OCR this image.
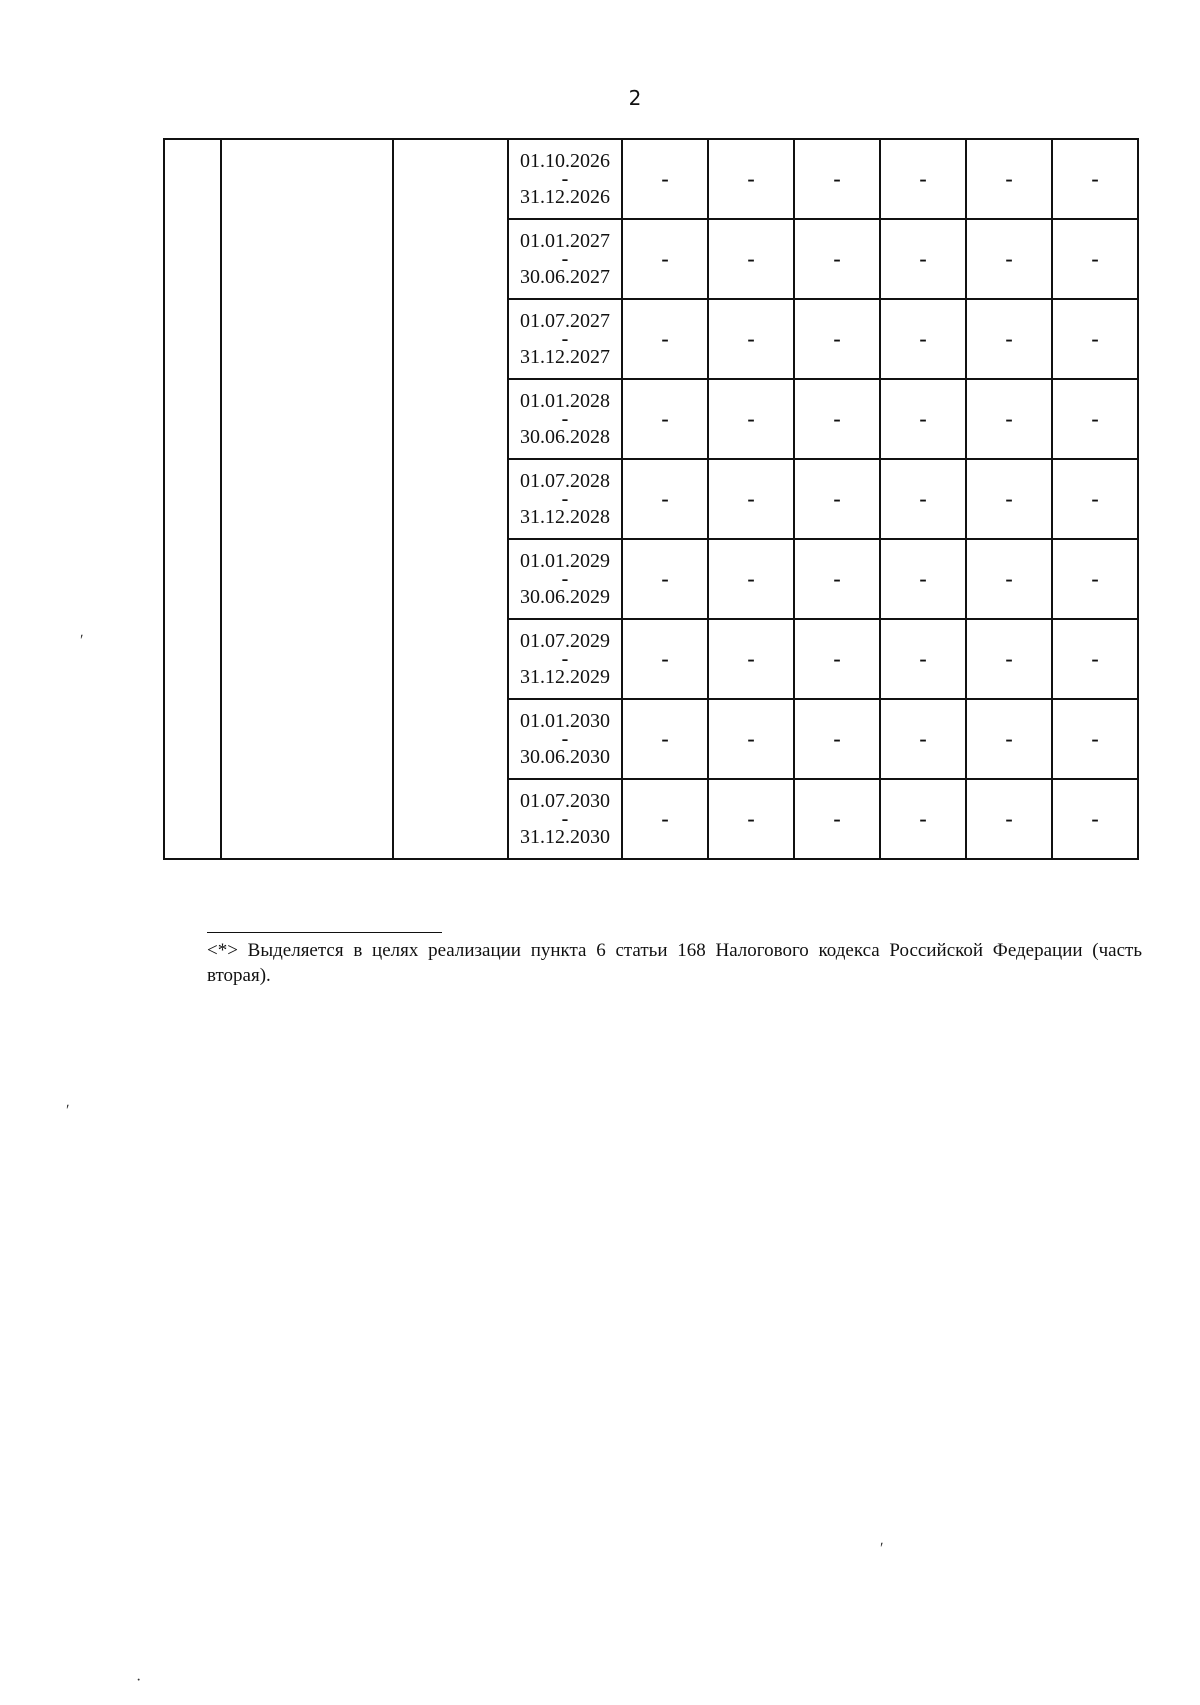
2

			01.10.2026
-
31.12.2026	-	-	-	-	-	-

			01.01.2027
-
30.06.2027	-	-	-	-	-	-

			01.07.2027
-
31.12.2027	-	-	-	-	-	-

			01.01.2028
-
30.06.2028	-	-	-	-	-	-

			01.07.2028
-
31.12.2028	-	-	-	-	-	-

			01.01.2029
-
30.06.2029	-	-	-	-	-	-

			01.07.2029
-
31.12.2029	-	-	-	-	-	-

			01.01.2030
-
30.06.2030	-	-	-	-	-	-

			01.07.2030
-
31.12.2030	-	-	-	-	-	-
<*> Выделяется в целях реализации пункта 6 статьи 168 Налогового кодекса Российской Федерации (часть вторая).
ʹ
ʹ
ʹ
·
